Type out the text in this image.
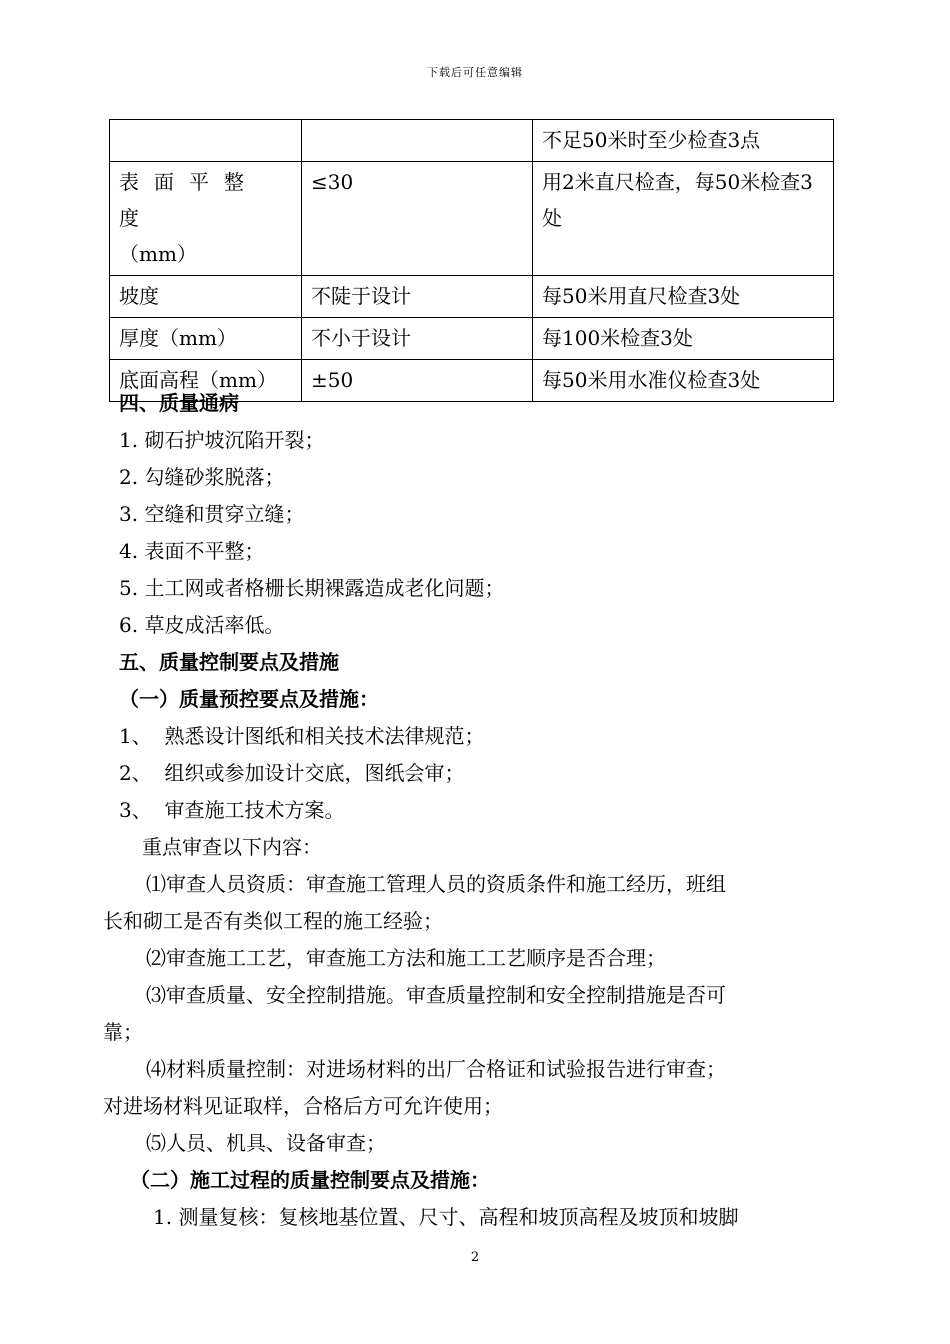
下载后可任意编辑
		不足50米时至少检查3点

表面平整度
（mm）	≤30	用2米直尺检查，每50米检查3处
坡度	不陡于设计	每50米用直尺检查3处
厚度（mm）	不小于设计	每100米检查3处
底面高程（mm）	±50	每50米用水准仪检查3处
四、质量通病
1. 砌石护坡沉陷开裂；
2. 勾缝砂浆脱落；
3. 空缝和贯穿立缝；
4. 表面不平整；
5. 土工网或者格栅长期裸露造成老化问题；
6. 草皮成活率低。
五、质量控制要点及措施
（一）质量预控要点及措施：
1、  熟悉设计图纸和相关技术法律规范；
2、  组织或参加设计交底，图纸会审；
3、  审查施工技术方案。
重点审查以下内容：
⑴审查人员资质：审查施工管理人员的资质条件和施工经历，班组
长和砌工是否有类似工程的施工经验；
⑵审查施工工艺，审查施工方法和施工工艺顺序是否合理；
⑶审查质量、安全控制措施。审查质量控制和安全控制措施是否可
靠；
⑷材料质量控制：对进场材料的出厂合格证和试验报告进行审查；
对进场材料见证取样，合格后方可允许使用；
⑸人员、机具、设备审查；
（二）施工过程的质量控制要点及措施：
1. 测量复核：复核地基位置、尺寸、高程和坡顶高程及坡顶和坡脚
2
